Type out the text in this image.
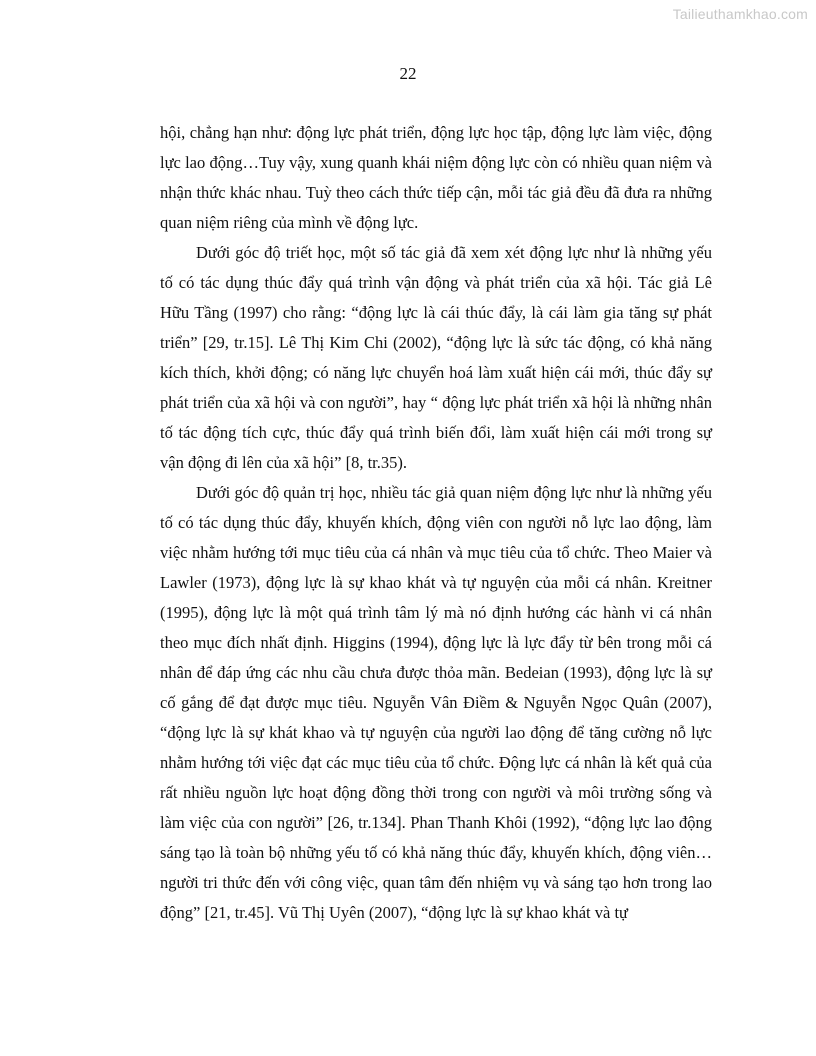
Tailieuthamkhao.com
22

hội, chẳng hạn như: động lực phát triển, động lực học tập, động lực làm việc, động lực lao động…Tuy vậy, xung quanh khái niệm động lực còn có nhiều quan niệm và nhận thức khác nhau. Tuỳ theo cách thức tiếp cận, mỗi tác giả đều đã đưa ra những quan niệm riêng của mình về động lực.

Dưới góc độ triết học, một số tác giả đã xem xét động lực như là những yếu tố có tác dụng thúc đẩy quá trình vận động và phát triển của xã hội. Tác giả Lê Hữu Tầng (1997) cho rằng: “động lực là cái thúc đẩy, là cái làm gia tăng sự phát triển” [29, tr.15]. Lê Thị Kim Chi (2002), “động lực là sức tác động, có khả năng kích thích, khởi động; có năng lực chuyển hoá làm xuất hiện cái mới, thúc đẩy sự phát triển của xã hội và con người”, hay “ động lực phát triển xã hội là những nhân tố tác động tích cực, thúc đẩy quá trình biến đổi, làm xuất hiện cái mới trong sự vận động đi lên của xã hội” [8, tr.35).

Dưới góc độ quản trị học, nhiều tác giả quan niệm động lực như là những yếu tố có tác dụng thúc đẩy, khuyến khích, động viên con người nỗ lực lao động, làm việc nhằm hướng tới mục tiêu của cá nhân và mục tiêu của tổ chức. Theo Maier và Lawler (1973), động lực là sự khao khát và tự nguyện của mỗi cá nhân. Kreitner (1995), động lực là một quá trình tâm lý mà nó định hướng các hành vi cá nhân theo mục đích nhất định. Higgins (1994), động lực là lực đẩy từ bên trong mỗi cá nhân để đáp ứng các nhu cầu chưa được thỏa mãn. Bedeian (1993), động lực là sự cố gắng để đạt được mục tiêu. Nguyễn Vân Điềm & Nguyễn Ngọc Quân (2007), “động lực là sự khát khao và tự nguyện của người lao động để tăng cường nỗ lực nhằm hướng tới việc đạt các mục tiêu của tổ chức. Động lực cá nhân là kết quả của rất nhiều nguồn lực hoạt động đồng thời trong con người và môi trường sống và làm việc của con người” [26, tr.134]. Phan Thanh Khôi (1992), “động lực lao động sáng tạo là toàn bộ những yếu tố có khả năng thúc đẩy, khuyến khích, động viên… người tri thức đến với công việc, quan tâm đến nhiệm vụ và sáng tạo hơn trong lao động” [21, tr.45]. Vũ Thị Uyên (2007), “động lực là sự khao khát và tự
